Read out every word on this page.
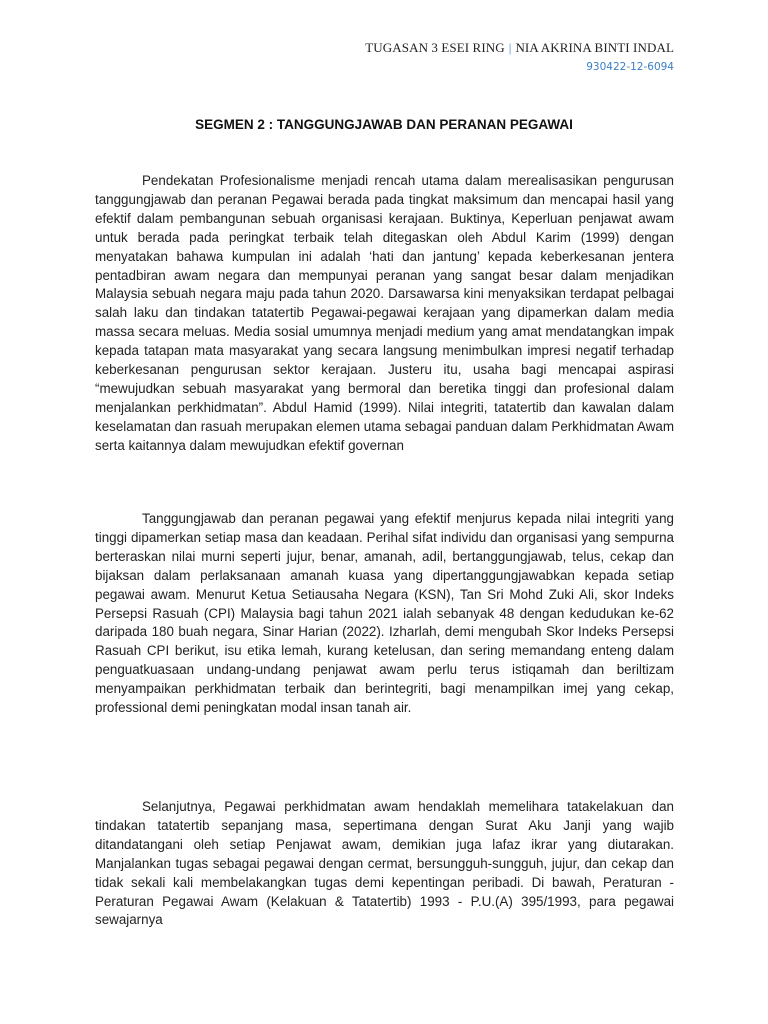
TUGASAN 3 ESEI RING | NIA AKRINA BINTI INDAL
930422-12-6094
SEGMEN 2 : TANGGUNGJAWAB DAN PERANAN PEGAWAI

Pendekatan Profesionalisme menjadi rencah utama dalam merealisasikan pengurusan tanggungjawab dan peranan Pegawai berada pada tingkat maksimum dan mencapai hasil yang efektif dalam pembangunan sebuah organisasi kerajaan. Buktinya, Keperluan penjawat awam untuk berada pada peringkat terbaik telah ditegaskan oleh Abdul Karim (1999) dengan menyatakan bahawa kumpulan ini adalah ‘hati dan jantung’ kepada keberkesanan jentera pentadbiran awam negara dan mempunyai peranan yang sangat besar dalam menjadikan Malaysia sebuah negara maju pada tahun 2020. Darsawarsa kini menyaksikan terdapat pelbagai salah laku dan tindakan tatatertib Pegawai-pegawai kerajaan yang dipamerkan dalam media massa secara meluas. Media sosial umumnya menjadi medium yang amat mendatangkan impak kepada tatapan mata masyarakat yang secara langsung menimbulkan impresi negatif terhadap keberkesanan pengurusan sektor kerajaan. Justeru itu, usaha bagi mencapai aspirasi “mewujudkan sebuah masyarakat yang bermoral dan beretika tinggi dan profesional dalam menjalankan perkhidmatan”. Abdul Hamid (1999). Nilai integriti, tatatertib dan kawalan dalam keselamatan dan rasuah merupakan elemen utama sebagai panduan dalam Perkhidmatan Awam serta kaitannya dalam mewujudkan efektif governan

Tanggungjawab dan peranan pegawai yang efektif menjurus kepada nilai integriti yang tinggi dipamerkan setiap masa dan keadaan. Perihal sifat individu dan organisasi yang sempurna berteraskan nilai murni seperti jujur, benar, amanah, adil, bertanggungjawab, telus, cekap dan bijaksan dalam perlaksanaan amanah kuasa yang dipertanggungjawabkan kepada setiap pegawai awam. Menurut Ketua Setiausaha Negara (KSN), Tan Sri Mohd Zuki Ali, skor Indeks Persepsi Rasuah (CPI) Malaysia bagi tahun 2021 ialah sebanyak 48 dengan kedudukan ke-62 daripada 180 buah negara, Sinar Harian (2022). Izharlah, demi mengubah Skor Indeks Persepsi Rasuah CPI berikut, isu etika lemah, kurang ketelusan, dan sering memandang enteng dalam penguatkuasaan undang-undang penjawat awam perlu terus istiqamah dan beriltizam menyampaikan perkhidmatan terbaik dan berintegriti, bagi menampilkan imej yang cekap, professional demi peningkatan modal insan tanah air.

Selanjutnya, Pegawai perkhidmatan awam hendaklah memelihara tatakelakuan dan tindakan tatatertib sepanjang masa, sepertimana dengan Surat Aku Janji yang wajib ditandatangani oleh setiap Penjawat awam, demikian juga lafaz ikrar yang diutarakan. Manjalankan tugas sebagai pegawai dengan cermat, bersungguh-sungguh, jujur, dan cekap dan tidak sekali kali membelakangkan tugas demi kepentingan peribadi. Di bawah, Peraturan - Peraturan Pegawai Awam (Kelakuan & Tatatertib) 1993 - P.U.(A) 395/1993, para pegawai sewajarnya
